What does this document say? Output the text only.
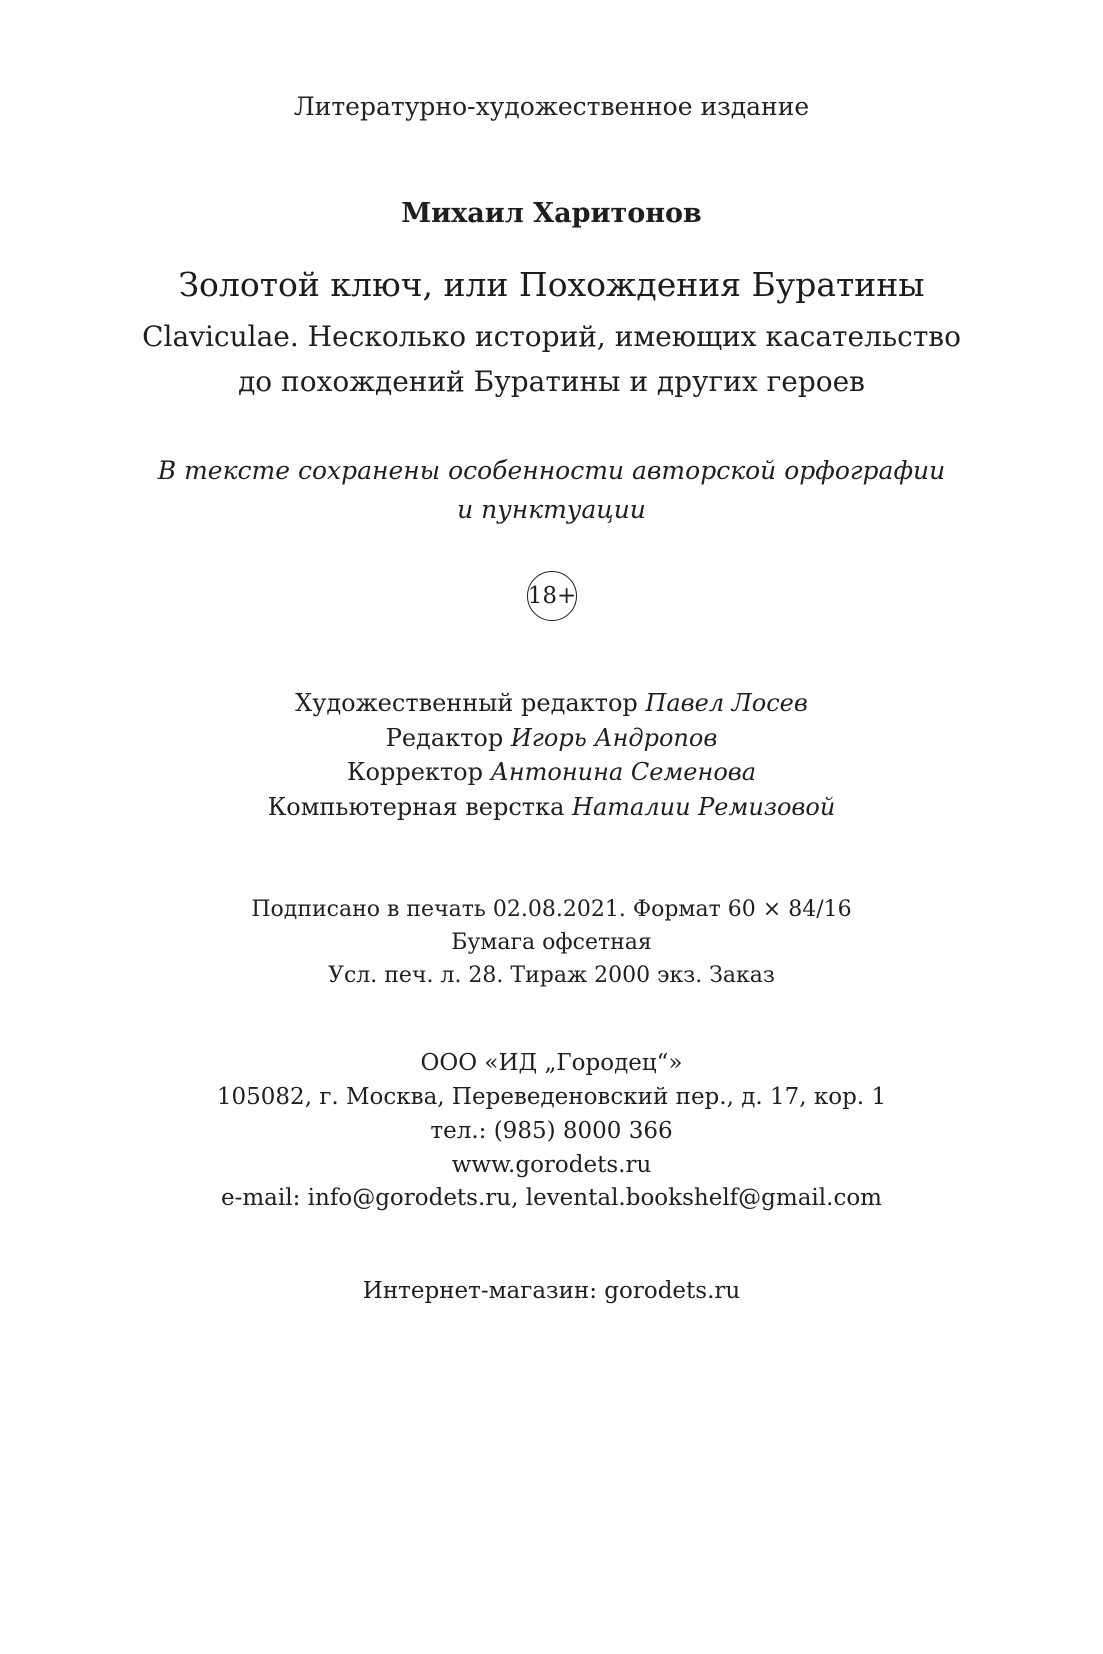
Литературно-художественное издание
Михаил Харитонов
Золотой ключ, или Похождения Буратины
Claviculae. Несколько историй, имеющих касательство
до похождений Буратины и других героев
В тексте сохранены особенности авторской орфографии
и пунктуации
18+
Художественный редактор Павел Лосев
Редактор Игорь Андропов
Корректор Антонина Семенова
Компьютерная верстка Наталии Ремизовой
Подписано в печать 02.08.2021. Формат 60 × 84/16
Бумага офсетная
Усл. печ. л. 28. Тираж 2000 экз. Заказ
ООО «ИД „Городец“»
105082, г. Москва, Переведеновский пер., д. 17, кор. 1
тел.: (985) 8000 366
www.gorodets.ru
e-mail: info@gorodets.ru, levental.bookshelf@gmail.com
Интернет-магазин: gorodets.ru
